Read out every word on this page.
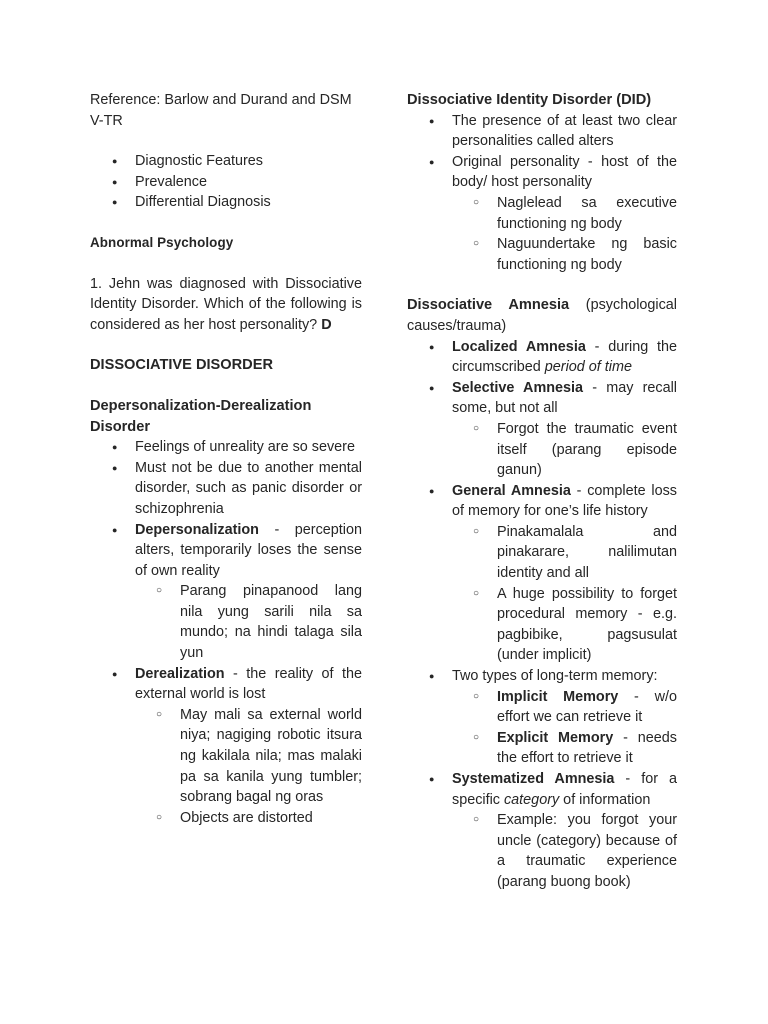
Reference: Barlow and Durand and DSM V-TR

● Diagnostic Features
● Prevalence
● Differential Diagnosis

Abnormal Psychology

1. Jehn was diagnosed with Dissociative Identity Disorder. Which of the following is considered as her host personality? D

DISSOCIATIVE DISORDER

Depersonalization-Derealization Disorder

● Feelings of unreality are so severe
● Must not be due to another mental disorder, such as panic disorder or schizophrenia
● Depersonalization - perception alters, temporarily loses the sense of own reality
○ Parang pinapanood lang nila yung sarili nila sa mundo; na hindi talaga sila yun
● Derealization - the reality of the external world is lost
○ May mali sa external world niya; nagiging robotic itsura ng kakilala nila; mas malaki pa sa kanila yung tumbler; sobrang bagal ng oras
○ Objects are distorted

Dissociative Identity Disorder (DID)

● The presence of at least two clear personalities called alters
● Original personality - host of the body/ host personality
○ Naglelead sa executive functioning ng body
○ Naguundertake ng basic functioning ng body

Dissociative Amnesia (psychological causes/trauma)

● Localized Amnesia - during the circumscribed period of time
● Selective Amnesia - may recall some, but not all
○ Forgot the traumatic event itself (parang episode ganun)
● General Amnesia - complete loss of memory for one’s life history
○ Pinakamalala and pinakarare, nalilimutan identity and all
○ A huge possibility to forget procedural memory - e.g. pagbibike, pagsusulat (under implicit)
● Two types of long-term memory:
○ Implicit Memory - w/o effort we can retrieve it
○ Explicit Memory - needs the effort to retrieve it
● Systematized Amnesia - for a specific category of information
○ Example: you forgot your uncle (category) because of a traumatic experience (parang buong book)
